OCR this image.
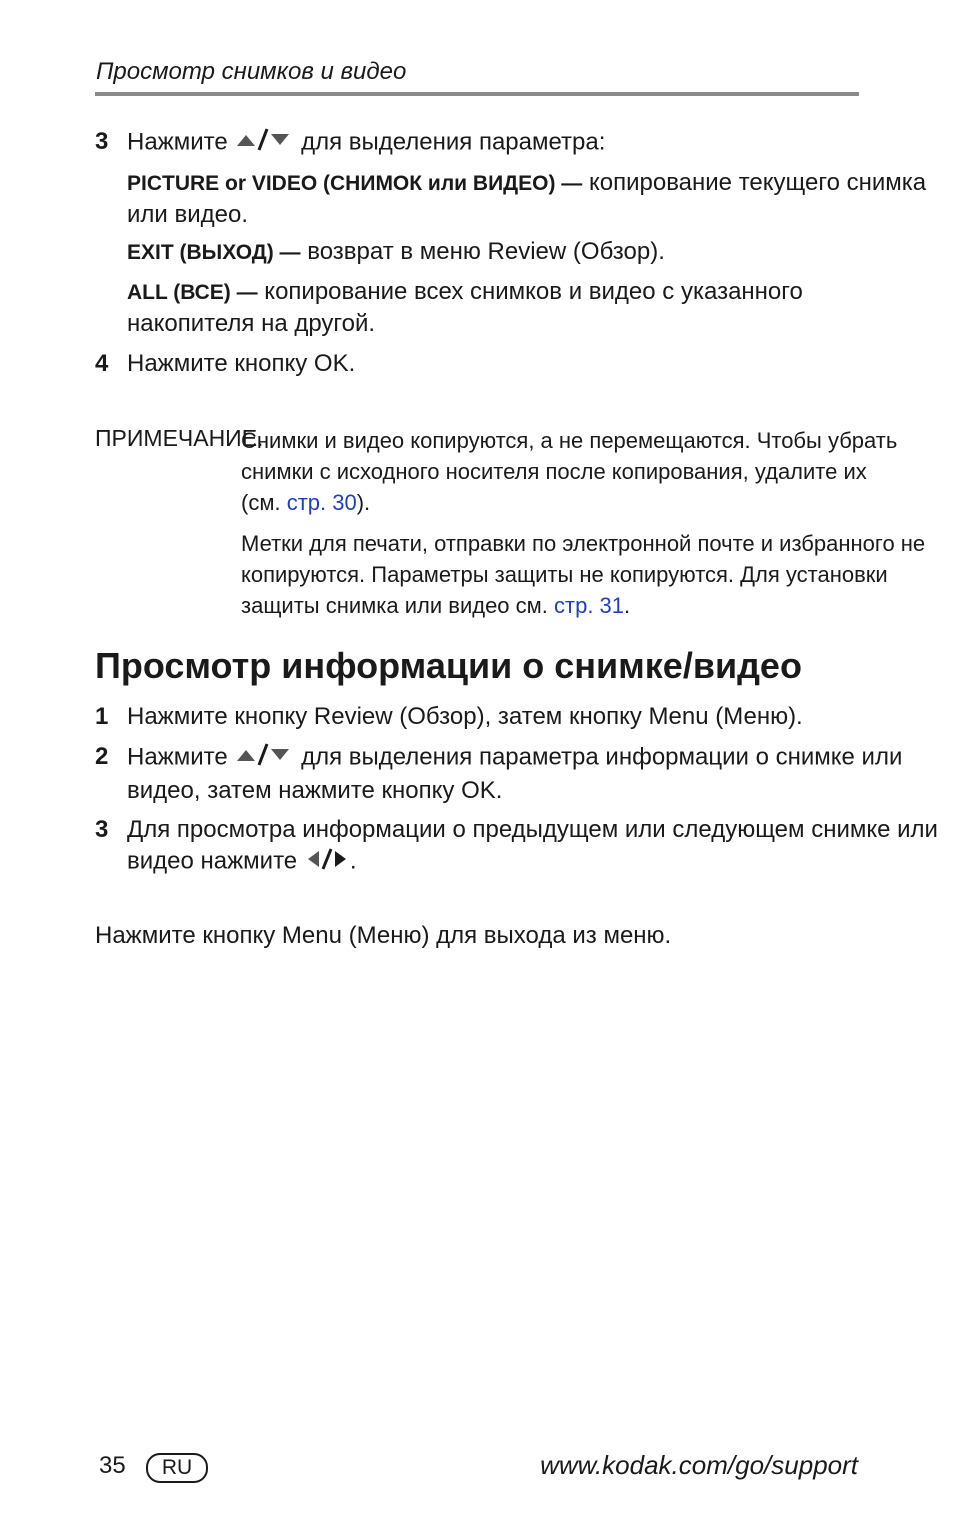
Просмотр снимков и видео
3 Нажмите	для выделения параметра:
PICTURE or VIDEO (СНИМОК или ВИДЕО) — копирование текущего снимка
или видео.
EXIT (ВЫХОД) — возврат в меню Review (Обзор).
ALL (ВСЕ) — копирование всех снимков и видео с указанного
накопителя на другой.
4 Нажмите кнопку OK.
ПРИМЕЧАНИЕ.
Снимки и видео копируются, а не перемещаются. Чтобы убрать
снимки с исходного носителя после копирования, удалите их
(см. стр. 30).
Метки для печати, отправки по электронной почте и избранного не
копируются. Параметры защиты не копируются. Для установки
защиты снимка или видео см. стр. 31.
Просмотр информации о снимке/видео
1 Нажмите кнопку Review (Обзор), затем кнопку Menu (Меню).
2 Нажмите	для выделения параметра информации о снимке или
видео, затем нажмите кнопку OK.
3 Для просмотра информации о предыдущем или следующем снимке или
видео нажмите .
Нажмите кнопку Menu (Меню) для выхода из меню.
35	RU	www.kodak.com/go/support
